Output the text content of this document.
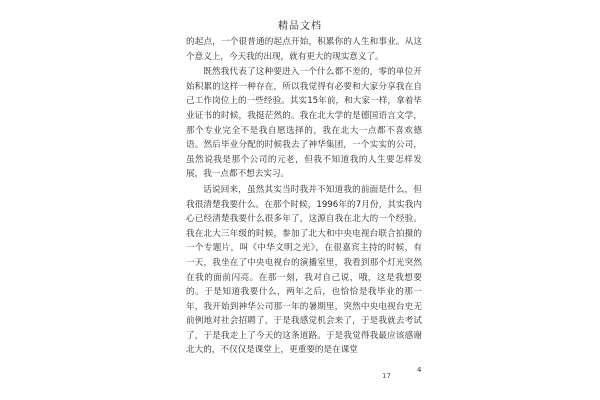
精品文档

的起点，一个很普通的起点开始，积累你的人生和事业。从这个意义上，今天我的出现，就有更大的现实意义了。

既然我代表了这种要进入一个什么都不差的，零的单位开始积累的这样一种存在，所以我觉得有必要和大家分享我在自己工作岗位上的一些经验。其实15年前，和大家一样，拿着毕业证书的时候，我挺茫然的。我在北大学的是德国语言文学，那个专业完全不是我自愿选择的，我在北大一点都不喜欢德语。然后毕业分配的时候我去了神华集团，一个实实的公司，虽然说我是那个公司的元老，但我不知道我的人生要怎样发展，我一点都不想去实习。

话说回来，虽然其实当时我并不知道我的前面是什么，但我很清楚我要什么。在那个时候，1996年的7月份，其实我内心已经清楚我要什么很多年了，这源自我在北大的一个经验。我在北大三年级的时候，参加了北大和中央电视台联合拍摄的一个专题片，叫《中华文明之光》，在很嘉宾主持的时候，有一天，我坐在了中央电视台的演播室里，我看到那个灯光突然在我的面前闪亮。在那一刻，我对自己说，哦，这是我想要的。于是知道我要什么，两年之后，也恰恰是我毕业的那一年，我开始到神华公司那一年的暑期里，突然中央电视台史无前例地对社会招聘了，于是我感觉机会来了，于是我就去考试了，于是我走上了今天的这条道路。于是我觉得我最应该感谢北大的，不仅仅是课堂上，更重要的是在课堂

17
4
